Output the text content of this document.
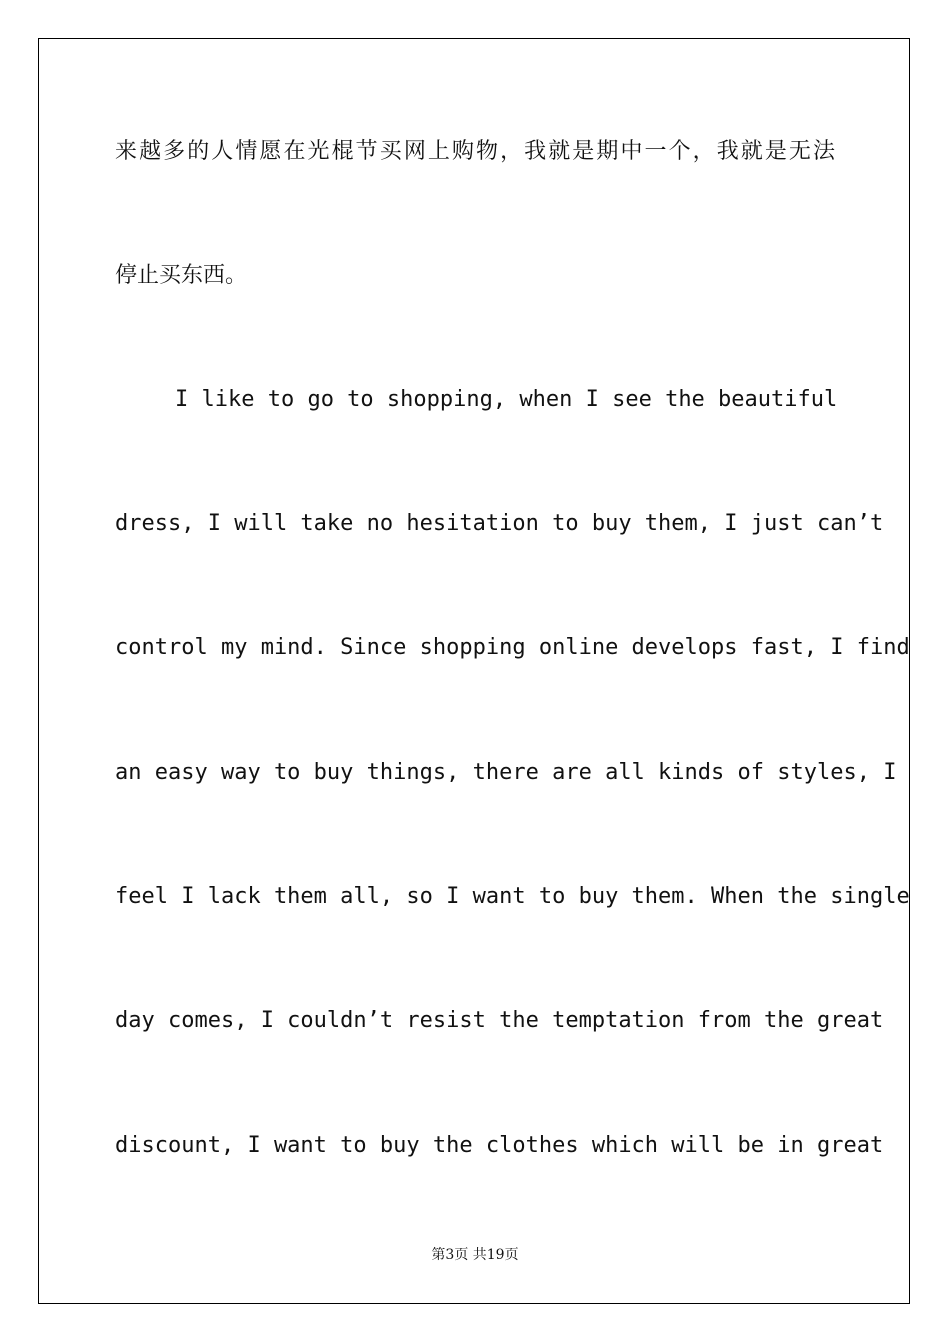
来越多的人情愿在光棍节买网上购物，我就是期中一个，我就是无法
停止买东西。
I like to go to shopping, when I see the beautiful
dress, I will take no hesitation to buy them, I just can’t
control my mind. Since shopping online develops fast, I find
an easy way to buy things, there are all kinds of styles, I
feel I lack them all, so I want to buy them. When the single
day comes, I couldn’t resist the temptation from the great
discount, I want to buy the clothes which will be in great
第3页 共19页
